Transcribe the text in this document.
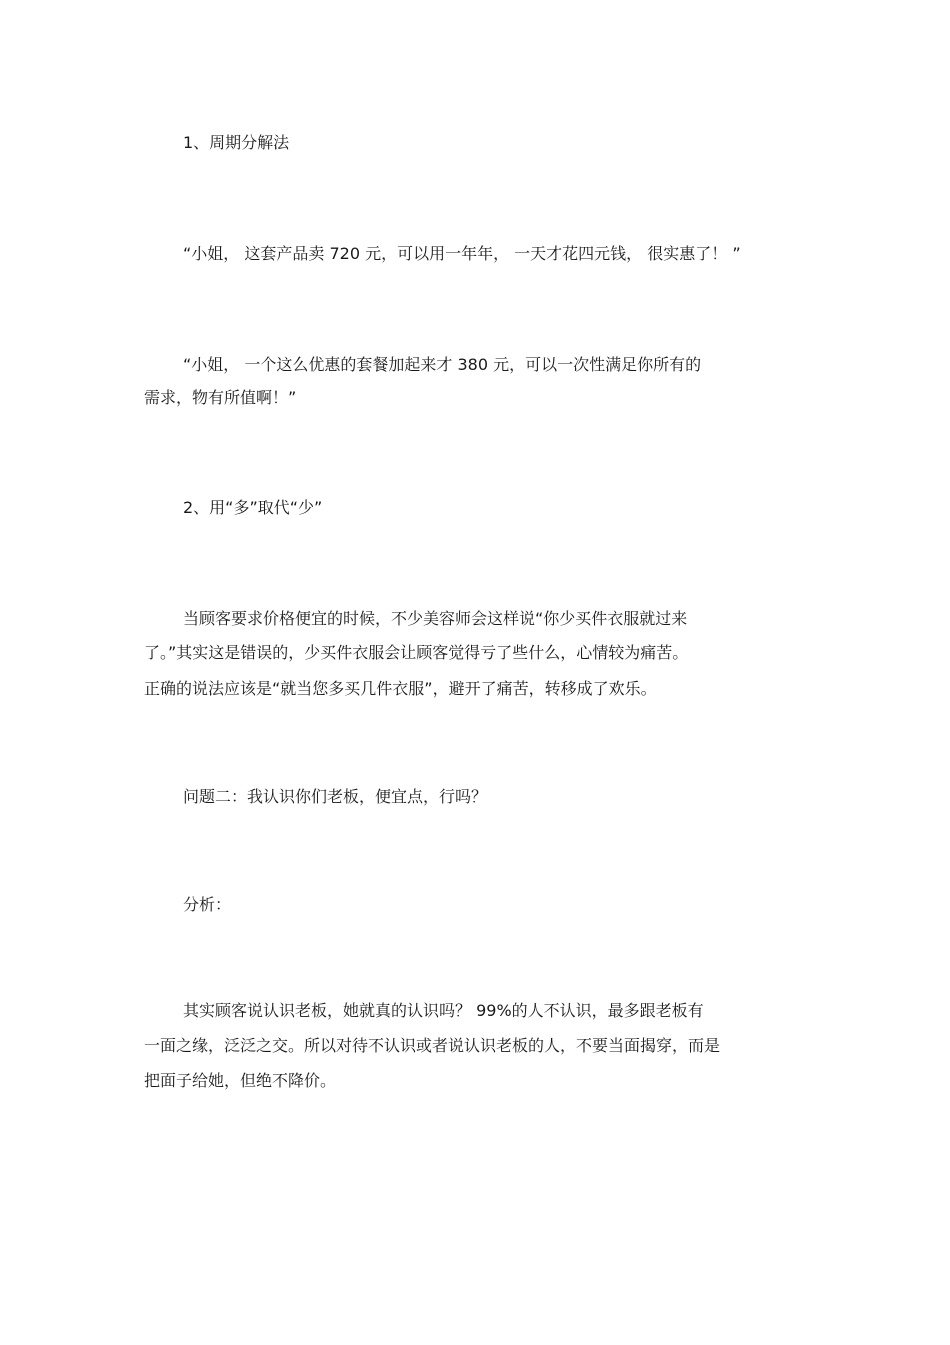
1、周期分解法

“小姐， 这套产品卖 720 元，可以用一年年， 一天才花四元钱， 很实惠了！ ”

“小姐， 一个这么优惠的套餐加起来才 380 元，可以一次性满足你所有的

需求，物有所值啊！”

2、用“多”取代“少”

当顾客要求价格便宜的时候，不少美容师会这样说“你少买件衣服就过来

了。”其实这是错误的，少买件衣服会让顾客觉得亏了些什么，心情较为痛苦。

正确的说法应该是“就当您多买几件衣服”，避开了痛苦，转移成了欢乐。

问题二：我认识你们老板，便宜点，行吗？

分析：

其实顾客说认识老板，她就真的认识吗？ 99%的人不认识，最多跟老板有

一面之缘，泛泛之交。所以对待不认识或者说认识老板的人，不要当面揭穿，而是

把面子给她，但绝不降价。
